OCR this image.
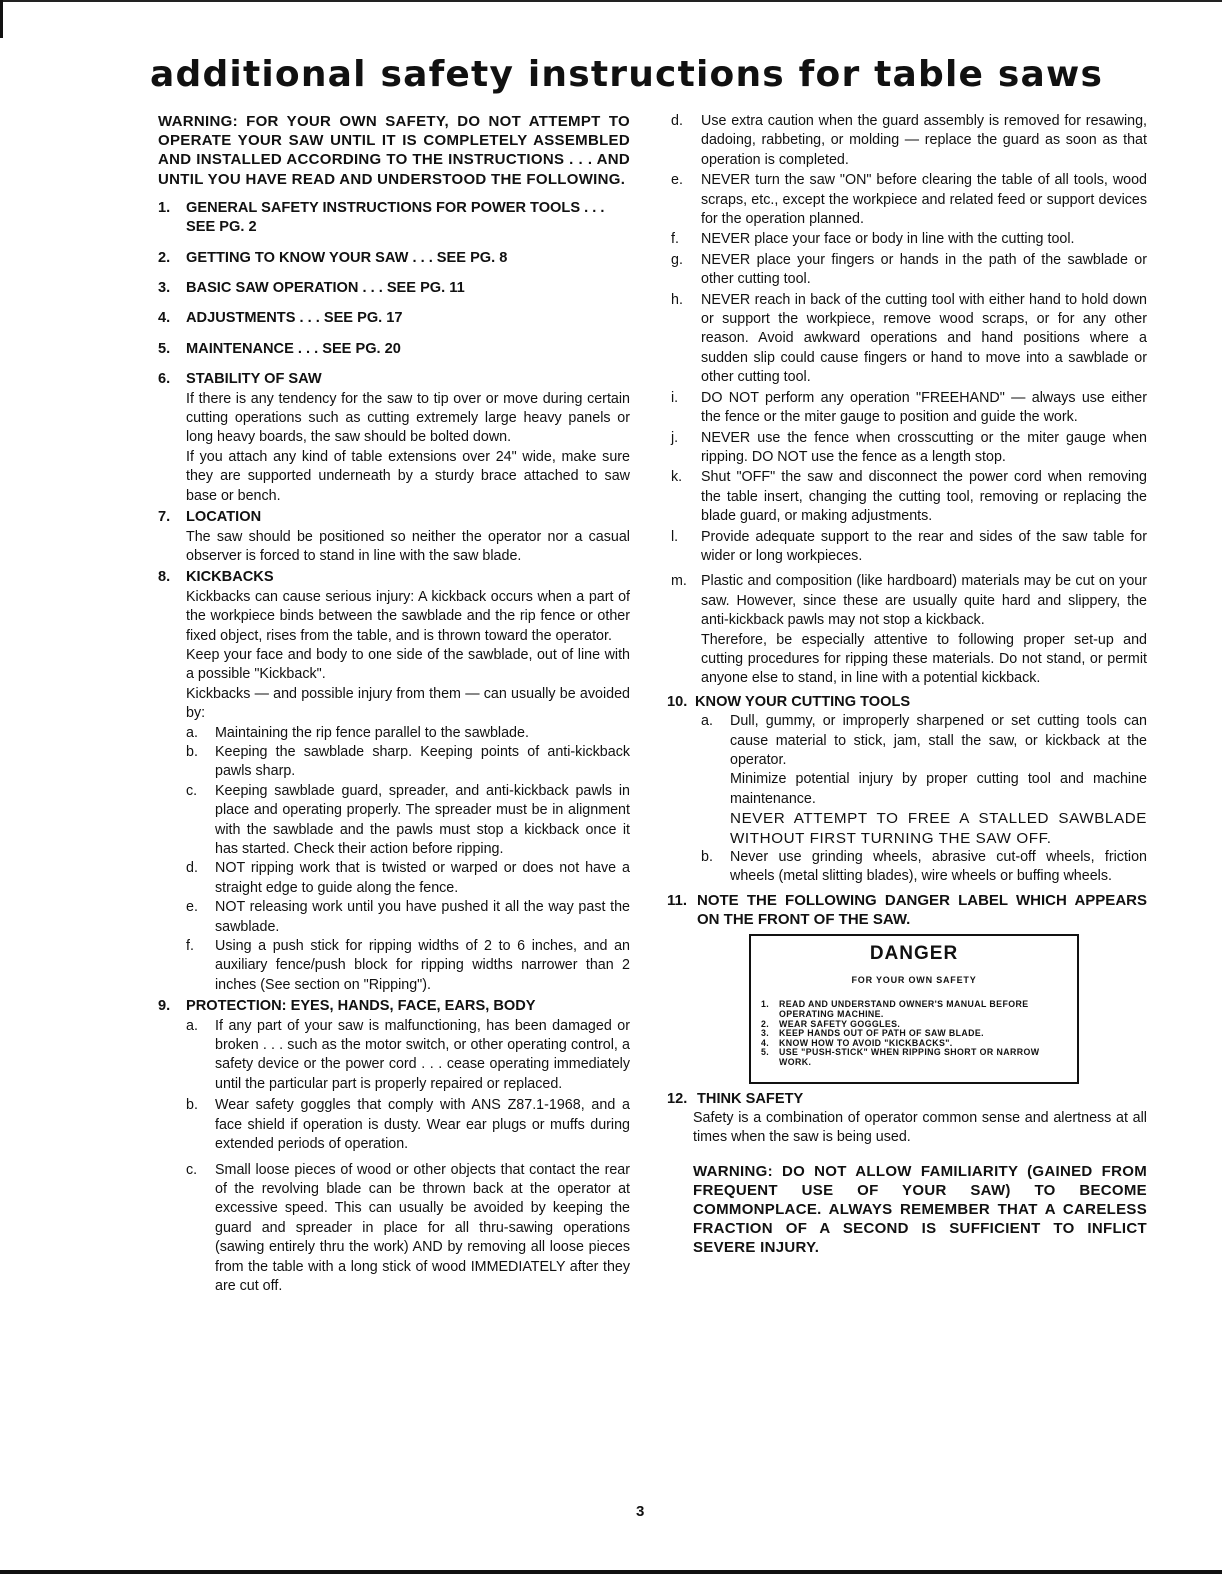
additional safety instructions for table saws
WARNING: FOR YOUR OWN SAFETY, DO NOT ATTEMPT TO OPERATE YOUR SAW UNTIL IT IS COMPLETELY ASSEMBLED AND INSTALLED ACCORDING TO THE INSTRUCTIONS . . . AND UNTIL YOU HAVE READ AND UNDERSTOOD THE FOLLOWING.
1.	GENERAL SAFETY INSTRUCTIONS FOR POWER TOOLS . . . SEE PG. 2
2.	GETTING TO KNOW YOUR SAW . . . SEE PG. 8
3.	BASIC SAW OPERATION . . . SEE PG. 11
4.	ADJUSTMENTS . . . SEE PG. 17
5.	MAINTENANCE . . . SEE PG. 20
6.	STABILITY OF SAW
If there is any tendency for the saw to tip over or move during certain cutting operations such as cutting extremely large heavy panels or long heavy boards, the saw should be bolted down.
If you attach any kind of table extensions over 24" wide, make sure they are supported underneath by a sturdy brace attached to saw base or bench.
7.	LOCATION
The saw should be positioned so neither the operator nor a casual observer is forced to stand in line with the saw blade.
8.	KICKBACKS
Kickbacks can cause serious injury: A kickback occurs when a part of the workpiece binds between the sawblade and the rip fence or other fixed object, rises from the table, and is thrown toward the operator.
Keep your face and body to one side of the sawblade, out of line with a possible "Kickback".
Kickbacks — and possible injury from them — can usually be avoided by:
a.	Maintaining the rip fence parallel to the sawblade.
b.	Keeping the sawblade sharp. Keeping points of anti-kickback pawls sharp.
c.	Keeping sawblade guard, spreader, and anti-kickback pawls in place and operating properly. The spreader must be in alignment with the sawblade and the pawls must stop a kickback once it has started. Check their action before ripping.
d.	NOT ripping work that is twisted or warped or does not have a straight edge to guide along the fence.
e.	NOT releasing work until you have pushed it all the way past the sawblade.
f.	Using a push stick for ripping widths of 2 to 6 inches, and an auxiliary fence/push block for ripping widths narrower than 2 inches (See section on "Ripping").
9.	PROTECTION: EYES, HANDS, FACE, EARS, BODY
a.	If any part of your saw is malfunctioning, has been damaged or broken . . . such as the motor switch, or other operating control, a safety device or the power cord . . . cease operating immediately until the particular part is properly repaired or replaced.
b.	Wear safety goggles that comply with ANS Z87.1-1968, and a face shield if operation is dusty. Wear ear plugs or muffs during extended periods of operation.
c.	Small loose pieces of wood or other objects that contact the rear of the revolving blade can be thrown back at the operator at excessive speed. This can usually be avoided by keeping the guard and spreader in place for all thru-sawing operations (sawing entirely thru the work) AND by removing all loose pieces from the table with a long stick of wood IMMEDIATELY after they are cut off.
d.	Use extra caution when the guard assembly is removed for resawing, dadoing, rabbeting, or molding — replace the guard as soon as that operation is completed.
e.	NEVER turn the saw "ON" before clearing the table of all tools, wood scraps, etc., except the workpiece and related feed or support devices for the operation planned.
f.	NEVER place your face or body in line with the cutting tool.
g.	NEVER place your fingers or hands in the path of the sawblade or other cutting tool.
h.	NEVER reach in back of the cutting tool with either hand to hold down or support the workpiece, remove wood scraps, or for any other reason. Avoid awkward operations and hand positions where a sudden slip could cause fingers or hand to move into a sawblade or other cutting tool.
i.	DO NOT perform any operation "FREEHAND" — always use either the fence or the miter gauge to position and guide the work.
j.	NEVER use the fence when crosscutting or the miter gauge when ripping. DO NOT use the fence as a length stop.
k.	Shut "OFF" the saw and disconnect the power cord when removing the table insert, changing the cutting tool, removing or replacing the blade guard, or making adjustments.
l.	Provide adequate support to the rear and sides of the saw table for wider or long workpieces.
m. Plastic and composition (like hardboard) materials may be cut on your saw. However, since these are usually quite hard and slippery, the anti-kickback pawls may not stop a kickback.
Therefore, be especially attentive to following proper set-up and cutting procedures for ripping these materials. Do not stand, or permit anyone else to stand, in line with a potential kickback.
10. KNOW YOUR CUTTING TOOLS
a.	Dull, gummy, or improperly sharpened or set cutting tools can cause material to stick, jam, stall the saw, or kickback at the operator.
Minimize potential injury by proper cutting tool and machine maintenance.
NEVER ATTEMPT TO FREE A STALLED SAWBLADE WITHOUT FIRST TURNING THE SAW OFF.
b.	Never use grinding wheels, abrasive cut-off wheels, friction wheels (metal slitting blades), wire wheels or buffing wheels.
11. NOTE THE FOLLOWING DANGER LABEL WHICH APPEARS ON THE FRONT OF THE SAW.
DANGER
FOR YOUR OWN SAFETY
1.	READ AND UNDERSTAND OWNER'S MANUAL BEFORE OPERATING MACHINE.
2.	WEAR SAFETY GOGGLES.
3.	KEEP HANDS OUT OF PATH OF SAW BLADE.
4.	KNOW HOW TO AVOID "KICKBACKS".
5.	USE "PUSH-STICK" WHEN RIPPING SHORT OR NARROW WORK.
12. THINK SAFETY
Safety is a combination of operator common sense and alertness at all times when the saw is being used.
WARNING: DO NOT ALLOW FAMILIARITY (GAINED FROM FREQUENT USE OF YOUR SAW) TO BECOME COMMONPLACE. ALWAYS REMEMBER THAT A CARELESS FRACTION OF A SECOND IS SUFFICIENT TO INFLICT SEVERE INJURY.
3
